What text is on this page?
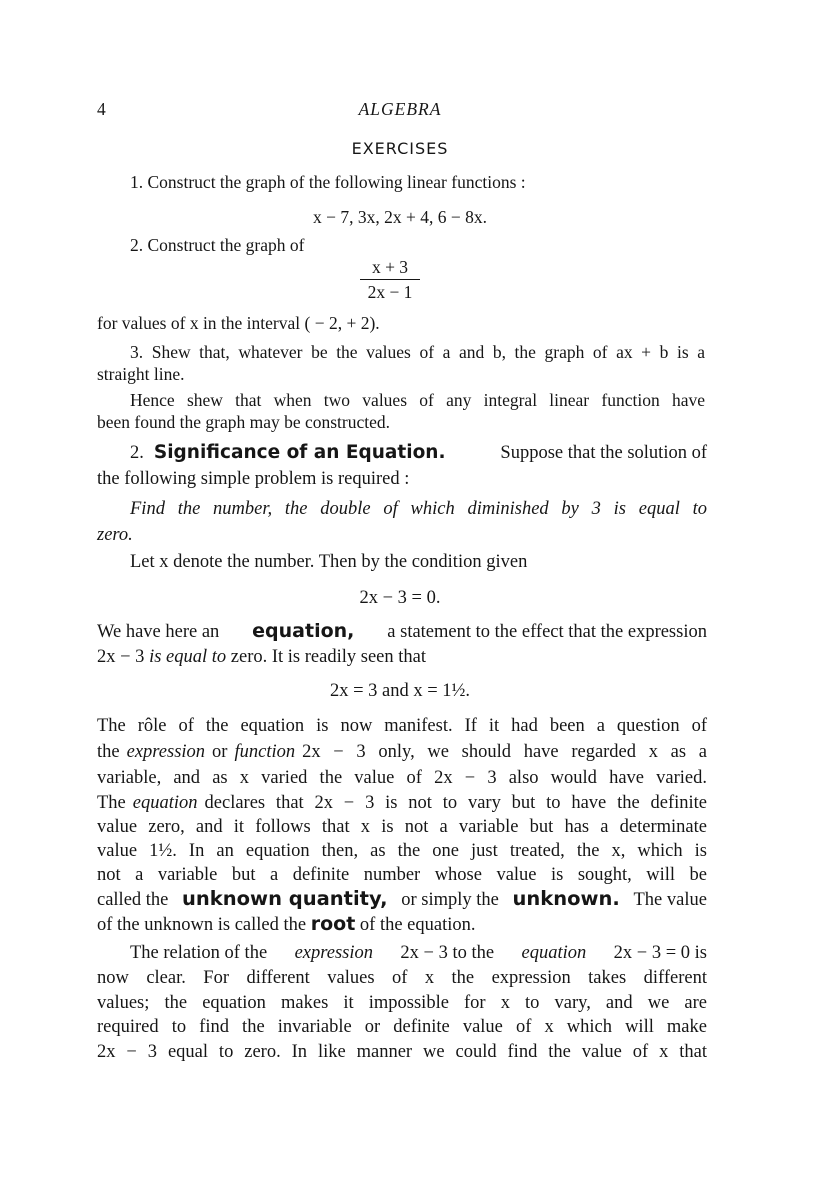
4	ALGEBRA
EXERCISES
1. Construct the graph of the following linear functions :
x − 7, 3x, 2x + 4, 6 − 8x.
2. Construct the graph of
x + 3
2x − 1
for values of x in the interval ( − 2, + 2).
3. Shew that, whatever be the values of a and b, the graph of ax + b is a
straight line.
Hence shew that when two values of any integral linear function have
been found the graph may be constructed.
2. Significance of an Equation.	Suppose that the solution of
the following simple problem is required :
Find the number, the double of which diminished by 3 is equal to
zero.
Let x denote the number. Then by the condition given
2x − 3 = 0.
We have here an equation, a statement to the effect that the expression
2x − 3 is equal to zero. It is readily seen that
2x = 3 and x = 1½.
The rôle of the equation is now manifest. If it had been a question of
the expression or function 2x − 3 only, we should have regarded x as a
variable, and as x varied the value of 2x − 3 also would have varied.
The equation declares that 2x − 3 is not to vary but to have the definite
value zero, and it follows that x is not a variable but has a determinate
value 1½. In an equation then, as the one just treated, the x, which is
not a variable but a definite number whose value is sought, will be
called the unknown quantity, or simply the unknown. The value
of the unknown is called the root of the equation.
The relation of the expression 2x − 3 to the equation 2x − 3 = 0 is
now clear. For different values of x the expression takes different
values; the equation makes it impossible for x to vary, and we are
required to find the invariable or definite value of x which will make
2x − 3 equal to zero. In like manner we could find the value of x that
